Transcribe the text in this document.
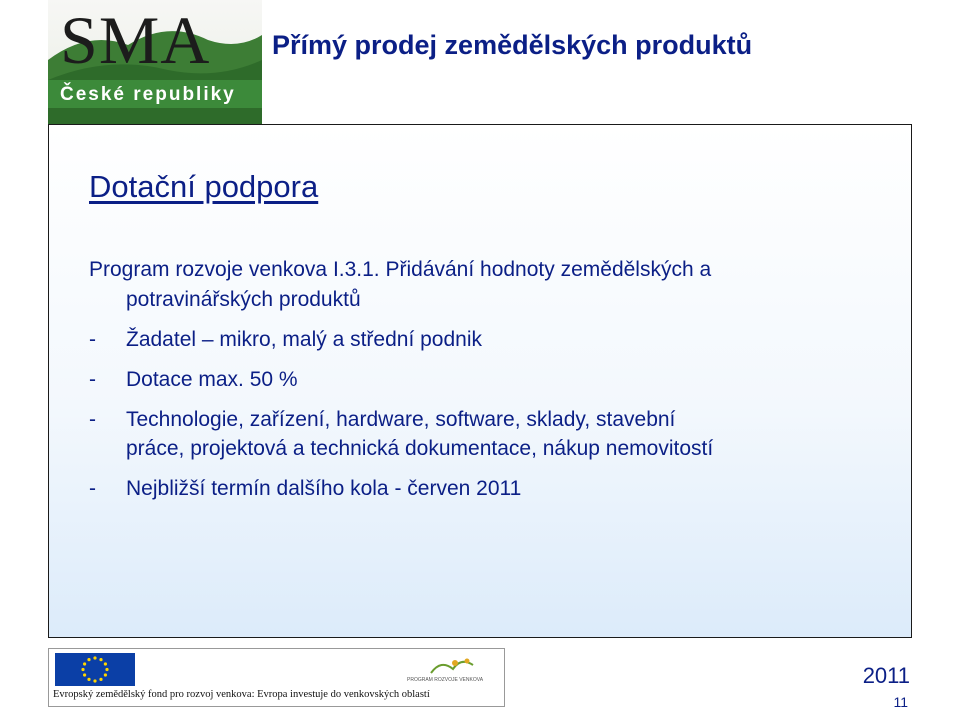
SMA
České republiky
Přímý prodej zemědělských produktů
Dotační podpora
Program rozvoje venkova I.3.1. Přidávání hodnoty zemědělských a
potravinářských produktů
- Žadatel – mikro, malý a střední podnik
- Dotace max. 50 %
- Technologie, zařízení, hardware, software, sklady, stavební
práce, projektová a technická dokumentace, nákup nemovitostí
- Nejbližší termín dalšího kola - červen 2011
PROGRAM ROZVOJE VENKOVA
Evropský zemědělský fond pro rozvoj venkova: Evropa investuje do venkovských oblastí
2011
11
